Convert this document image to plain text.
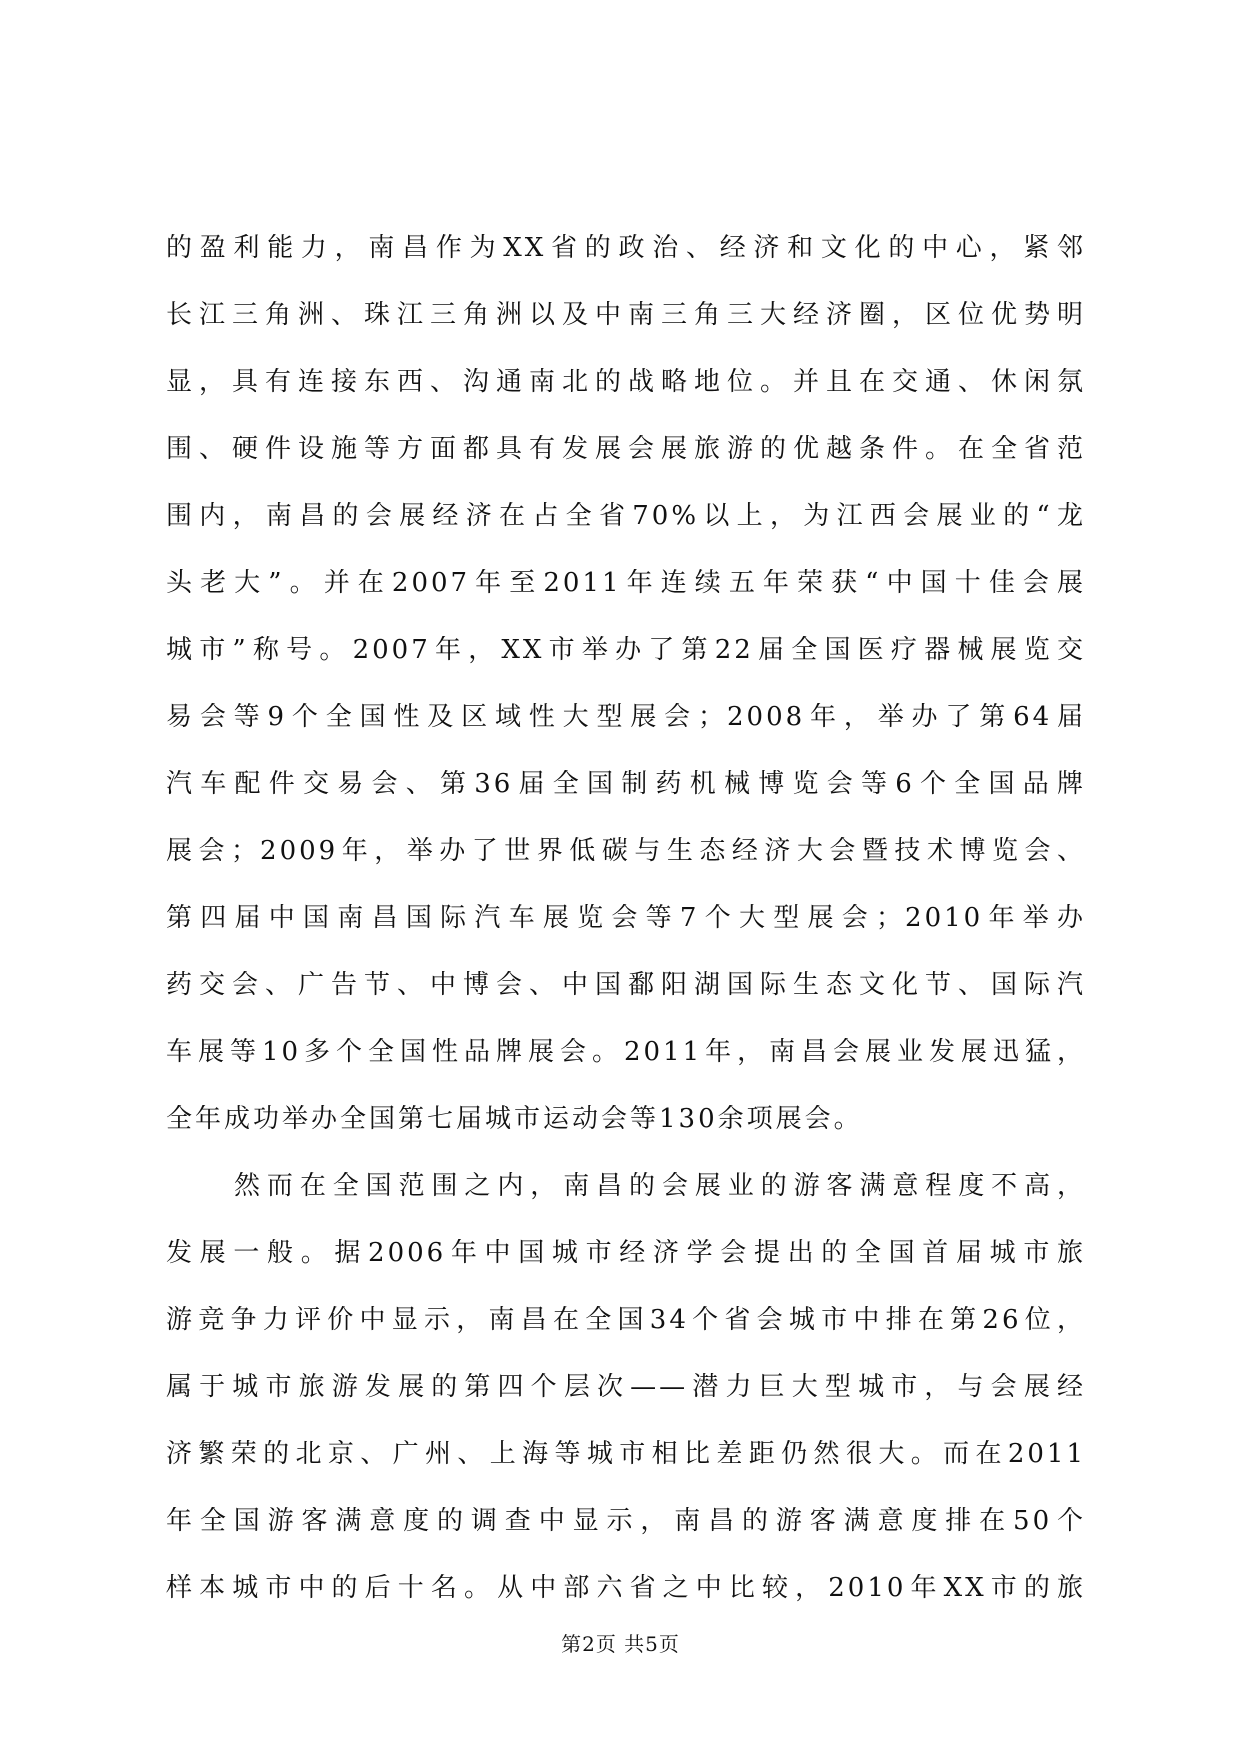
的盈利能力，南昌作为XX省的政治、经济和文化的中心，紧邻
长江三角洲、珠江三角洲以及中南三角三大经济圈，区位优势明
显，具有连接东西、沟通南北的战略地位。并且在交通、休闲氛
围、硬件设施等方面都具有发展会展旅游的优越条件。在全省范
围内，南昌的会展经济在占全省70%以上，为江西会展业的“龙
头老大”。并在2007年至2011年连续五年荣获“中国十佳会展
城市”称号。2007年，XX市举办了第22届全国医疗器械展览交
易会等9个全国性及区域性大型展会；2008年，举办了第64届
汽车配件交易会、第36届全国制药机械博览会等6个全国品牌
展会；2009年，举办了世界低碳与生态经济大会暨技术博览会、
第四届中国南昌国际汽车展览会等7个大型展会；2010年举办
药交会、广告节、中博会、中国鄱阳湖国际生态文化节、国际汽
车展等10多个全国性品牌展会。2011年，南昌会展业发展迅猛，
全年成功举办全国第七届城市运动会等130余项展会。
然而在全国范围之内，南昌的会展业的游客满意程度不高，
发展一般。据2006年中国城市经济学会提出的全国首届城市旅
游竞争力评价中显示，南昌在全国34个省会城市中排在第26位，
属于城市旅游发展的第四个层次——潜力巨大型城市，与会展经
济繁荣的北京、广州、上海等城市相比差距仍然很大。而在2011
年全国游客满意度的调查中显示，南昌的游客满意度排在50个
样本城市中的后十名。从中部六省之中比较，2010年XX市的旅
第2页 共5页
